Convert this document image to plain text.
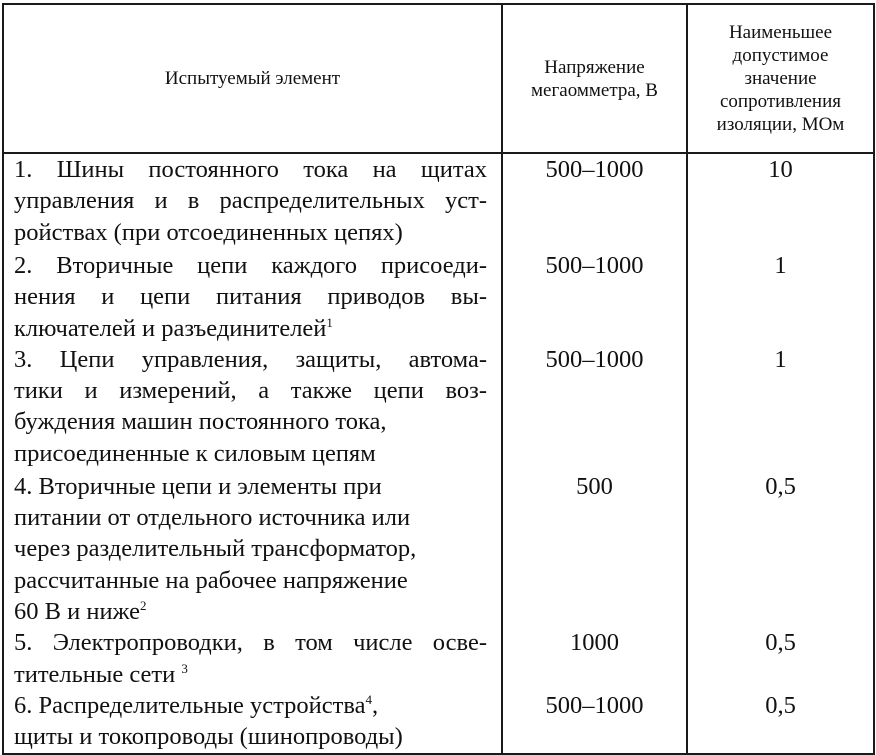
Испытуемый элемент	Напряжение мегаомметра, В	Наименьшее допустимое значение сопротивления изоляции, МОм

1. Шины постоянного тока на щитах
управления и в распределительных уст-
ройствах (при отсоединенных цепях)	500–1000	10

2. Вторичные цепи каждого присоеди-
нения и цепи питания приводов вы-
ключателей и разъединителей$^1$	500–1000	1

3. Цепи управления, защиты, автома-
тики и измерений, а также цепи воз-
буждения машин постоянного тока,
присоединенные к силовым цепям	500–1000	1

4. Вторичные цепи и элементы при
питании от отдельного источника или
через разделительный трансформатор,
рассчитанные на рабочее напряжение
60 В и ниже$^2$	500	0,5

5. Электропроводки, в том числе осве-
тительные сети $^3$	1000	0,5

6. Распределительные устройства$^4$,
щиты и токопроводы (шинопроводы)	500–1000	0,5
